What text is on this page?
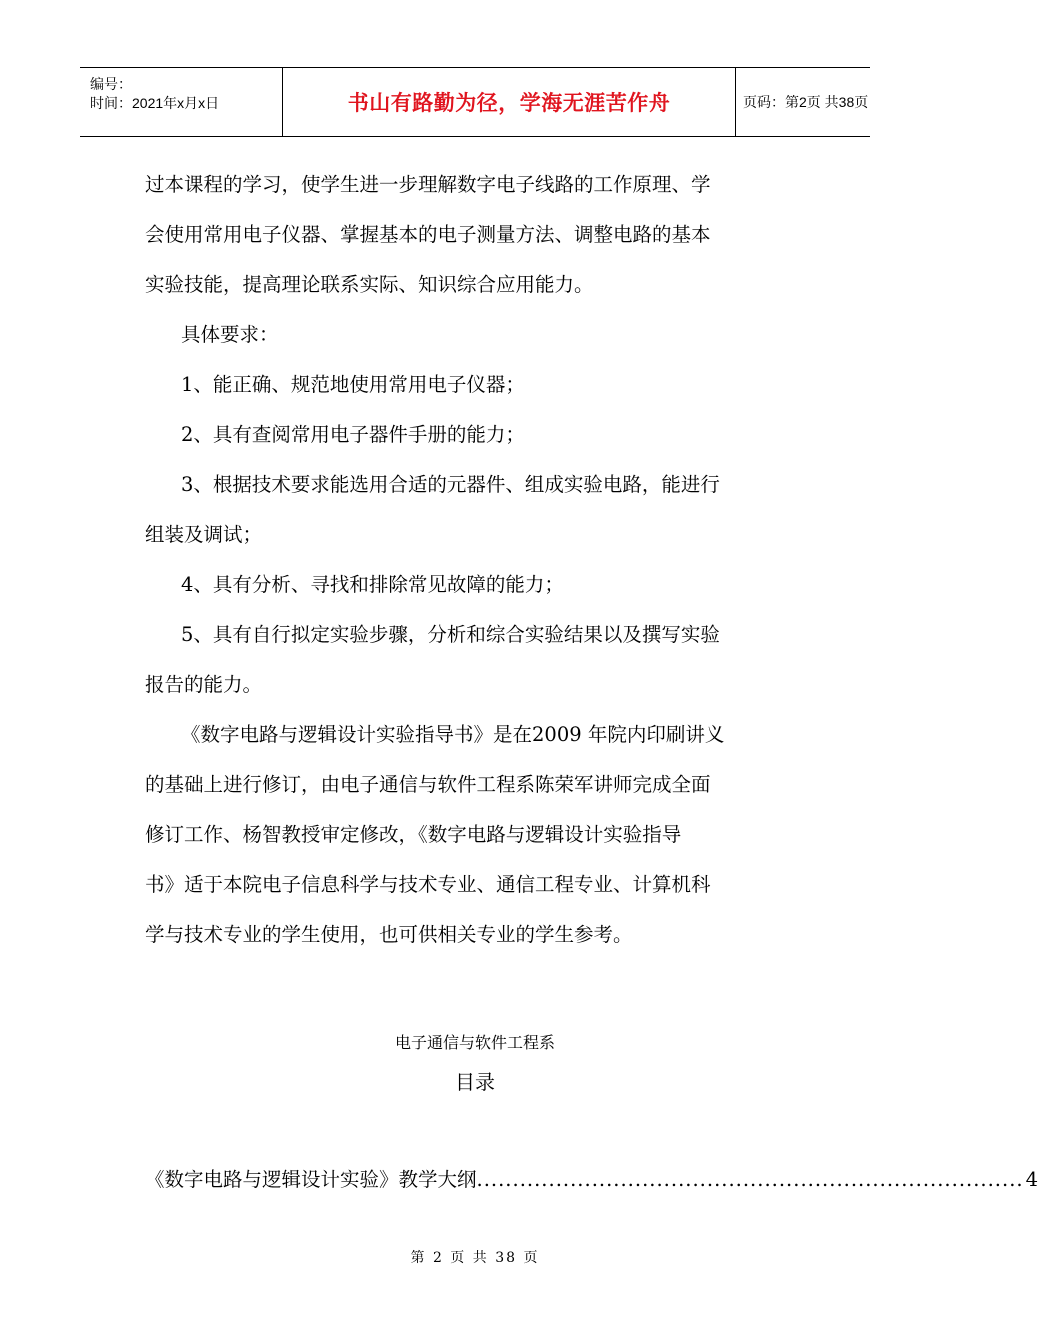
编号：
时间：2021年x月x日	书山有路勤为径，学海无涯苦作舟	页码：第2页 共38页

过本课程的学习，使学生进一步理解数字电子线路的工作原理、学

会使用常用电子仪器、掌握基本的电子测量方法、调整电路的基本

实验技能，提高理论联系实际、知识综合应用能力。

具体要求：

1、能正确、规范地使用常用电子仪器；

2、具有查阅常用电子器件手册的能力；

3、根据技术要求能选用合适的元器件、组成实验电路，能进行

组装及调试；

4、具有分析、寻找和排除常见故障的能力；

5、具有自行拟定实验步骤，分析和综合实验结果以及撰写实验

报告的能力。

《数字电路与逻辑设计实验指导书》是在2009 年院内印刷讲义

的基础上进行修订，由电子通信与软件工程系陈荣军讲师完成全面

修订工作、杨智教授审定修改，《数字电路与逻辑设计实验指导

书》适于本院电子信息科学与技术专业、通信工程专业、计算机科

学与技术专业的学生使用，也可供相关专业的学生参考。

电子通信与软件工程系
目录
《数字电路与逻辑设计实验》教学大纲 ............................................................................ 4
第 2 页 共 38 页
